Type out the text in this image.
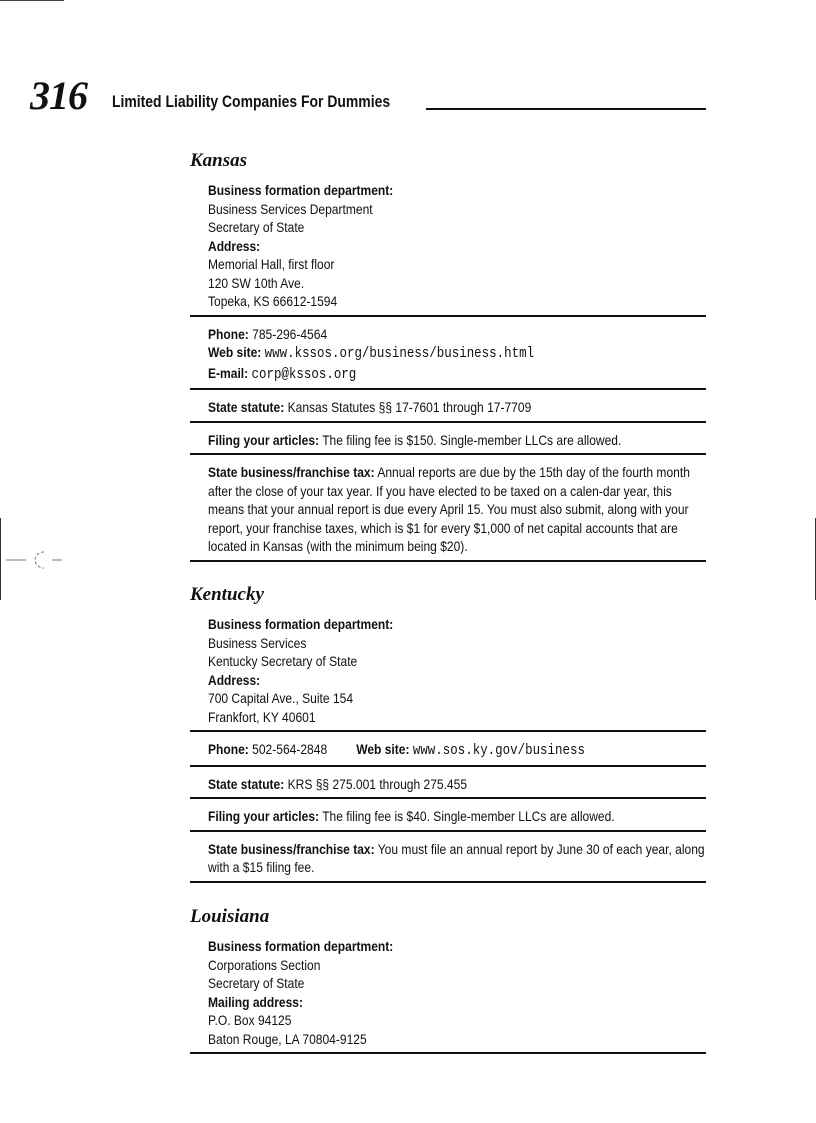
316 Limited Liability Companies For Dummies
Kansas
Business formation department:
Business Services Department
Secretary of State
Address:
Memorial Hall, first floor
120 SW 10th Ave.
Topeka, KS 66612-1594
Phone: 785-296-4564
Web site: www.kssos.org/business/business.html
E-mail: corp@kssos.org
State statute: Kansas Statutes §§ 17-7601 through 17-7709
Filing your articles: The filing fee is $150. Single-member LLCs are allowed.
State business/franchise tax: Annual reports are due by the 15th day of the fourth month after the close of your tax year. If you have elected to be taxed on a calen-dar year, this means that your annual report is due every April 15. You must also submit, along with your report, your franchise taxes, which is $1 for every $1,000 of net capital accounts that are located in Kansas (with the minimum being $20).
Kentucky
Business formation department:
Business Services
Kentucky Secretary of State
Address:
700 Capital Ave., Suite 154
Frankfort, KY 40601
Phone: 502-564-2848 Web site: www.sos.ky.gov/business
State statute: KRS §§ 275.001 through 275.455
Filing your articles: The filing fee is $40. Single-member LLCs are allowed.
State business/franchise tax: You must file an annual report by June 30 of each year, along with a $15 filing fee.
Louisiana
Business formation department:
Corporations Section
Secretary of State
Mailing address:
P.O. Box 94125
Baton Rouge, LA 70804-9125
